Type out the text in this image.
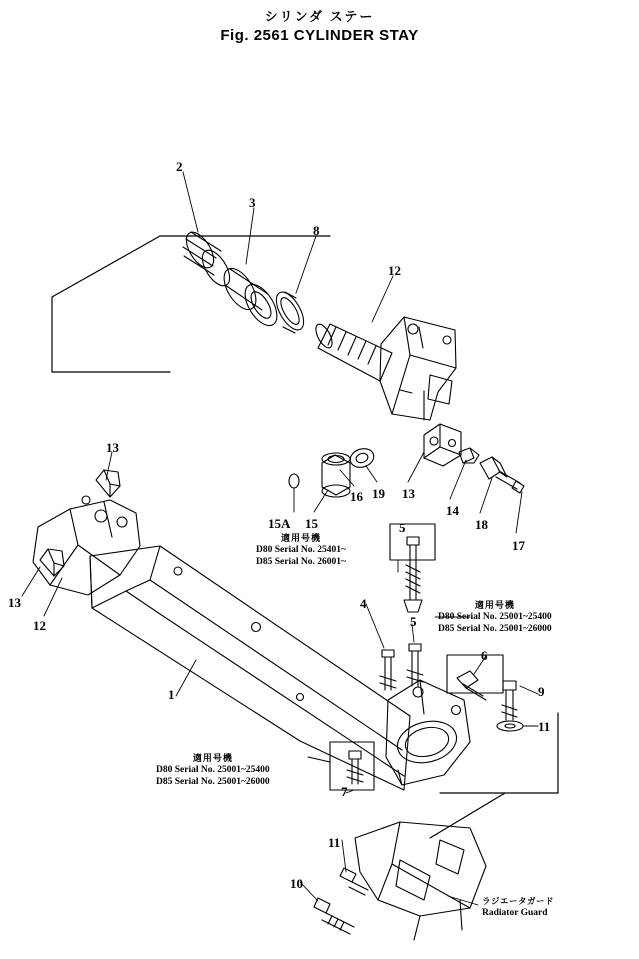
シリンダ ステー
Fig. 2561 CYLINDER STAY
2
3
8
12
13
13
12
15A 15
16 19 13
14
18
17
5
4
5
6
9
11
1
7
11
10
適用号機
D80 Serial No. 25401~
D85 Serial No. 26001~
適用号機
D80 Serial No. 25001~25400
D85 Serial No. 25001~26000
適用号機
D80 Serial No. 25001~25400
D85 Serial No. 25001~26000
ラジエータガード
Radiator Guard
